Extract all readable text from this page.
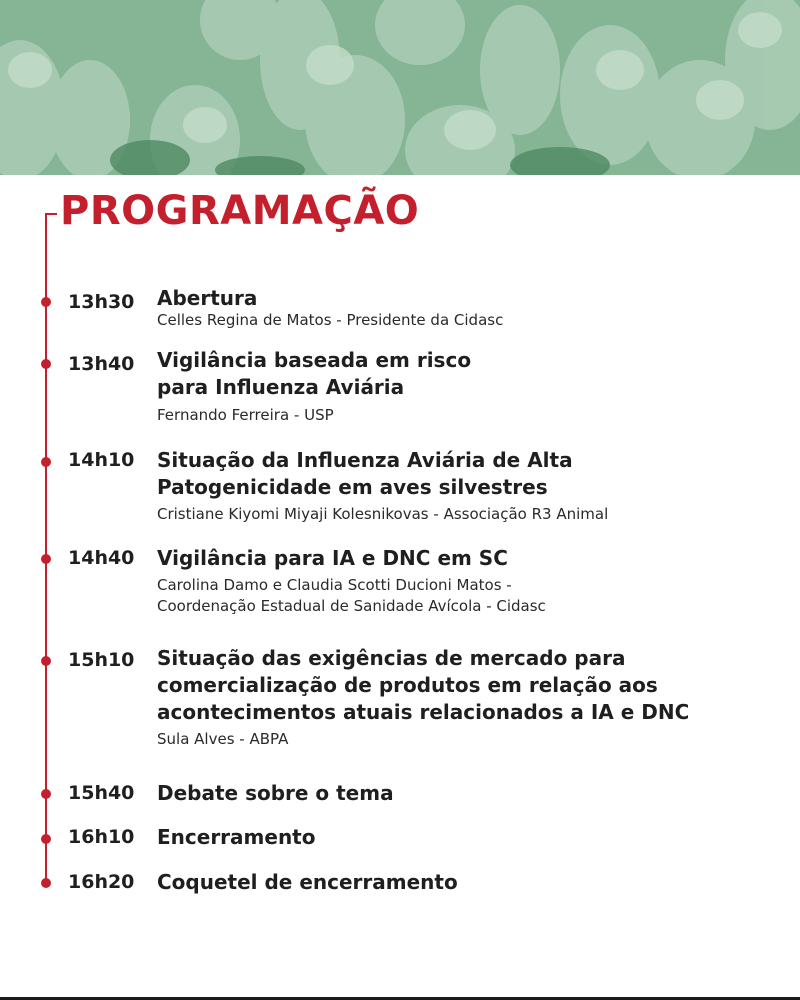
PROGRAMAÇÃO
13h30 Abertura
Celles Regina de Matos - Presidente da Cidasc
13h40 Vigilância baseada em risco
para Influenza Aviária
Fernando Ferreira - USP
14h10 Situação da Influenza Aviária de Alta
Patogenicidade em aves silvestres
Cristiane Kiyomi Miyaji Kolesnikovas - Associação R3 Animal
14h40 Vigilância para IA e DNC em SC
Carolina Damo e Claudia Scotti Ducioni Matos -
Coordenação Estadual de Sanidade Avícola - Cidasc
15h10 Situação das exigências de mercado para
comercialização de produtos em relação aos
acontecimentos atuais relacionados a IA e DNC
Sula Alves - ABPA
15h40 Debate sobre o tema
16h10 Encerramento
16h20 Coquetel de encerramento
